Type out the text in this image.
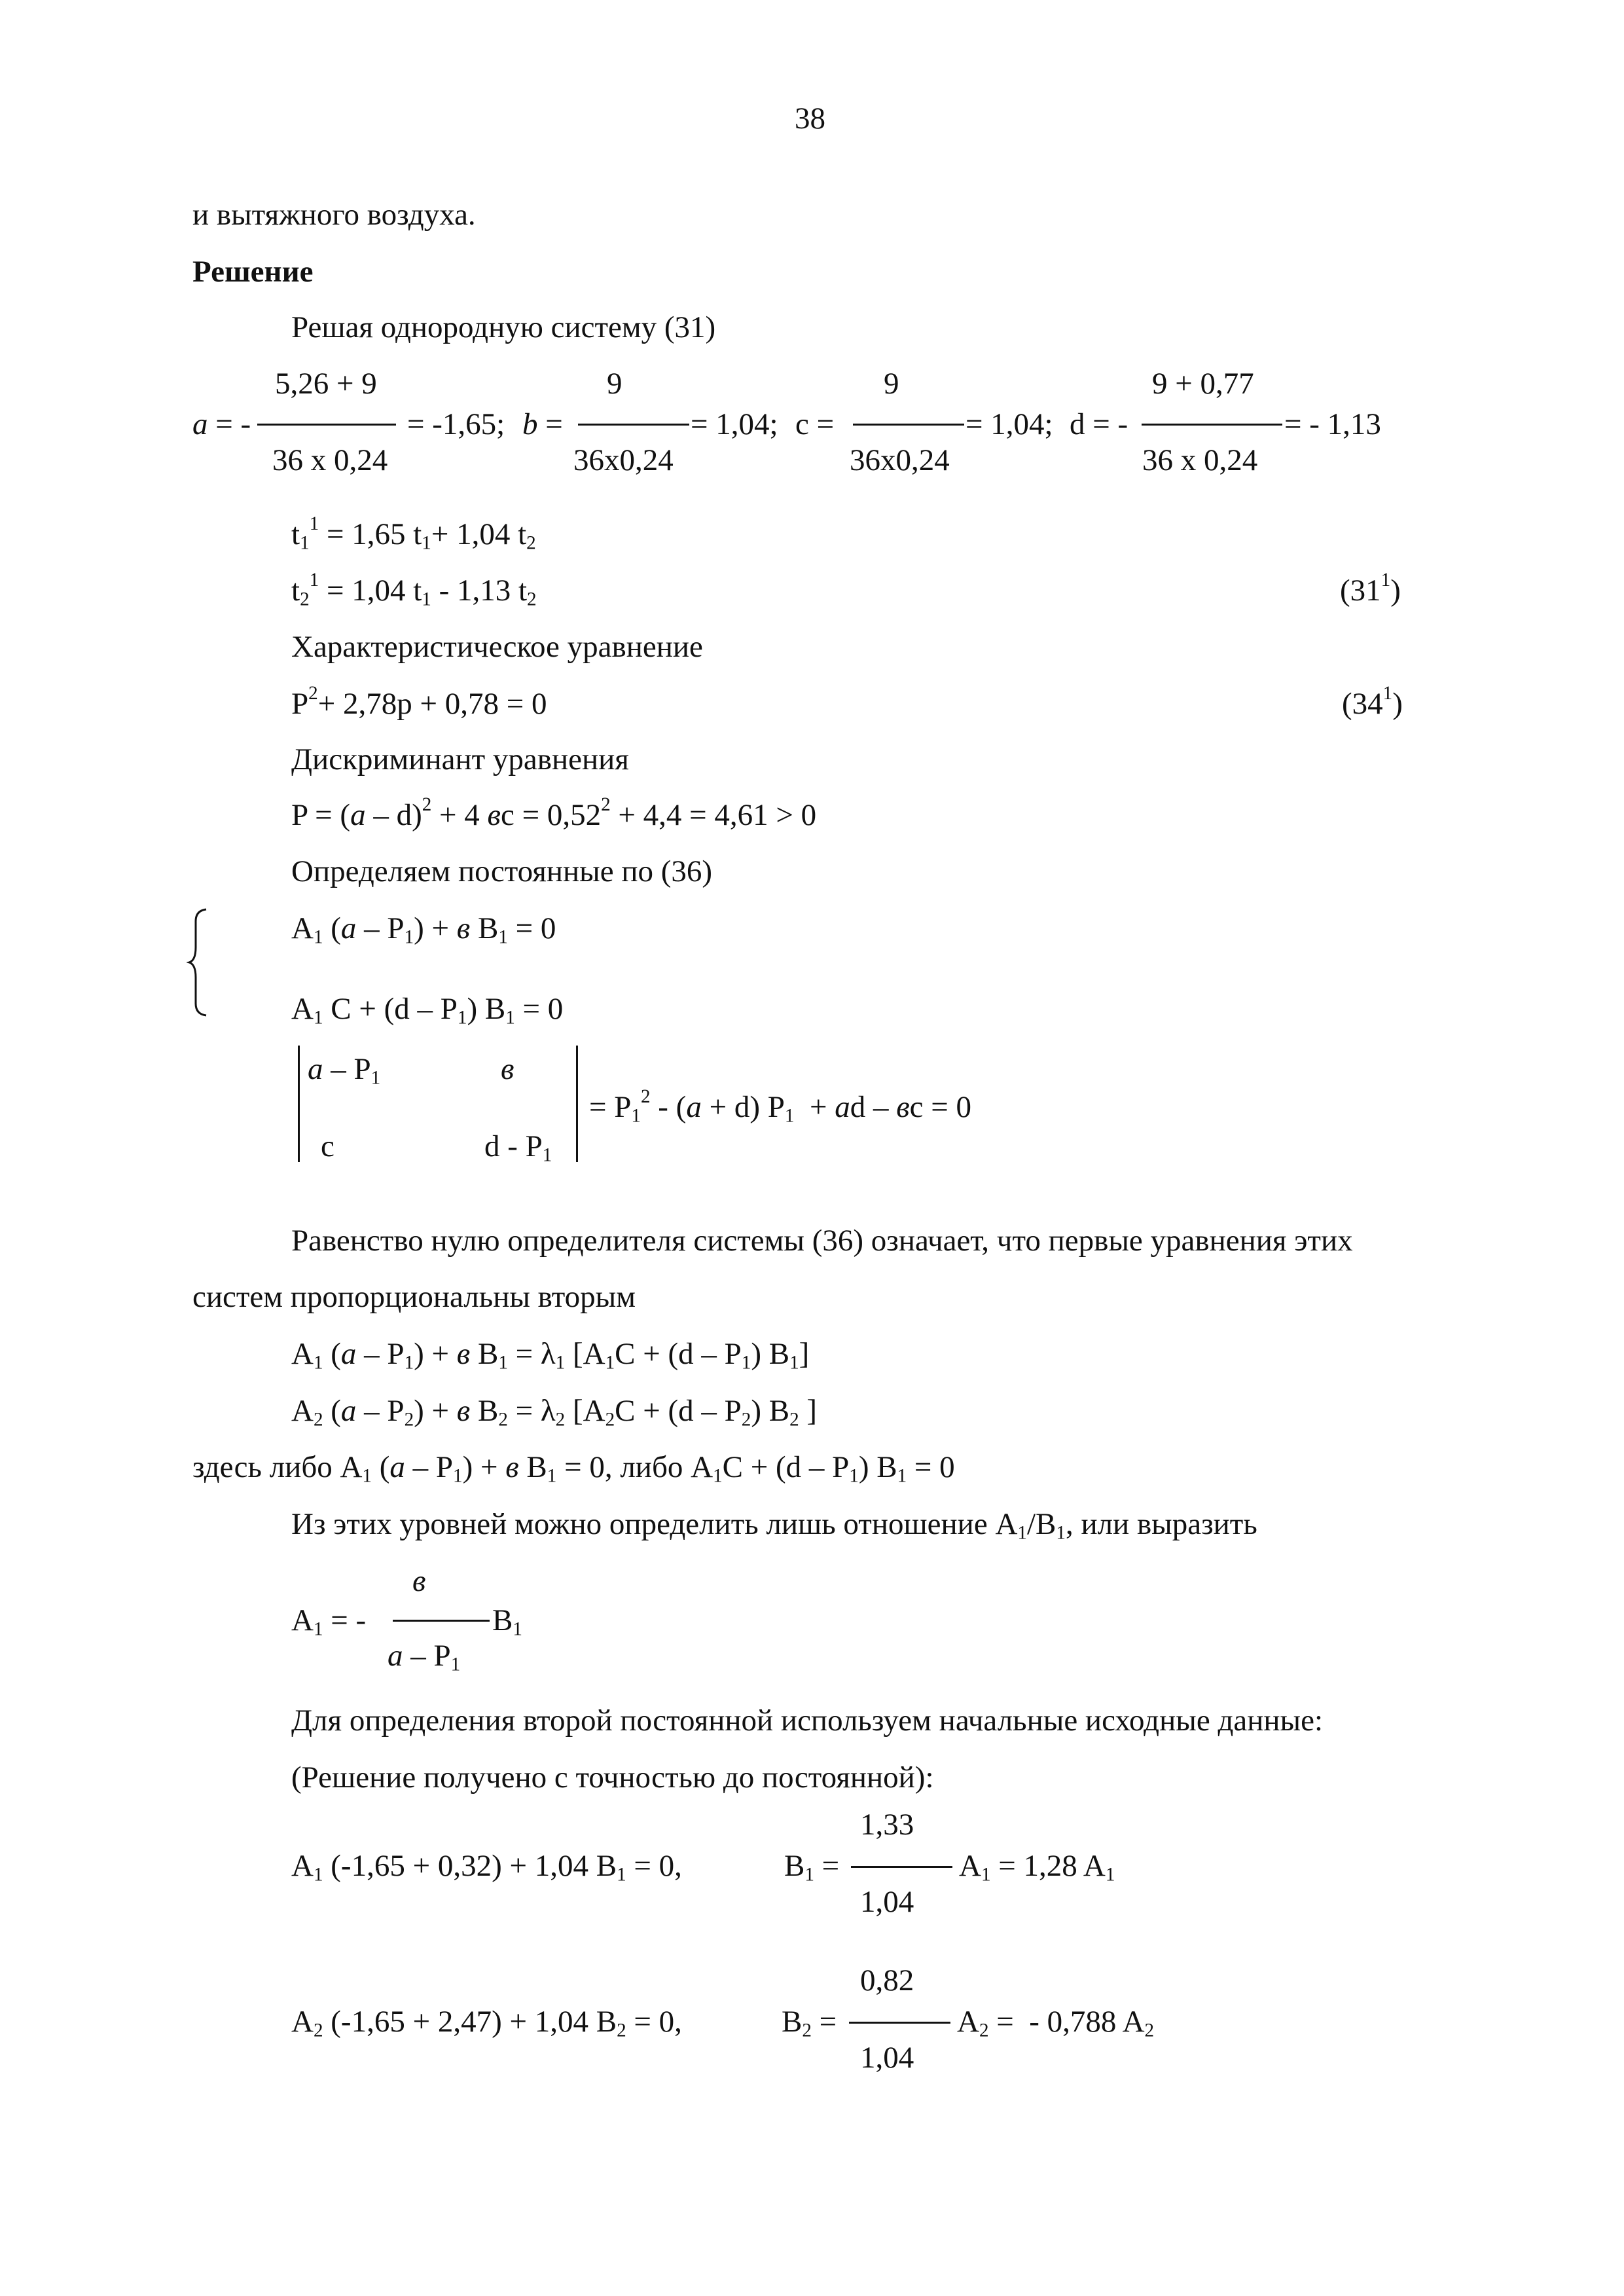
38
и вытяжного воздуха.
Решение
Решая однородную систему (31)
a = -
5,26 + 9
36 х 0,24
= -1,65; b =
9
36х0,24
= 1,04; c =
9
36х0,24
= 1,04; d = -
9 + 0,77
36 х 0,24
= - 1,13
$t_1^1 = 1,65$ $t_1+ 1,04$ $t_2$
$t_2^1 = 1,04$ $t_1 - 1,13$ $t_2$	$(31^1)$
Характеристическое уравнение
$P^2+ 2,78р + 0,78 = 0$	$(34^1)$
Дискриминант уравнения
P = (a – d)$^2$ + 4 вс = $0,52^2 + 4,4 = 4,61 > 0$
Определяем постоянные по (36)
$A_1$ $(a - P_1) + в$ $B_1 = 0$
$A_1$ $C + (d - P_1)$ $B_1 = 0$
a – $P_1$	в
с	d - $P_1$
= $P_1^2 - (a + d) P_1$  + ad – вс = 0
Равенство нулю определителя системы (36) означает, что первые уравнения этих
систем пропорциональны вторым
$A_1$ $(a - P_1) + в$ $B_1 = \lambda_1$ [$A_1C + (d - P_1)$ $B_1$]
$A_2$ $(a - P_2) + в$ $B_2 = \lambda_2$ [$A_2C + (d - P_2)$ $B_2$ ]
здесь либо $A_1$ $(a - P_1) + в$ $B_1 = 0$, либо $A_1C + (d - P_1) B_1 = 0$
Из этих уровней можно определить лишь отношение $A_1/B_1$, или выразить
$A_1$ = -
в
a – $P_1$
$B_1$
Для определения второй постоянной используем начальные исходные данные:
(Решение получено с точностью до постоянной):
$A_1$ (-1,65 + 0,32) + 1,04 $B_1 = 0$,	$B_1$ =
1,33
1,04
$A_1 = 1,28$ $A_1$
$A_2$ (-1,65 + 2,47) + 1,04 $B_2 = 0$,	$B_2$ =
0,82
1,04
$A_2$ =  - 0,788 $A_2$
